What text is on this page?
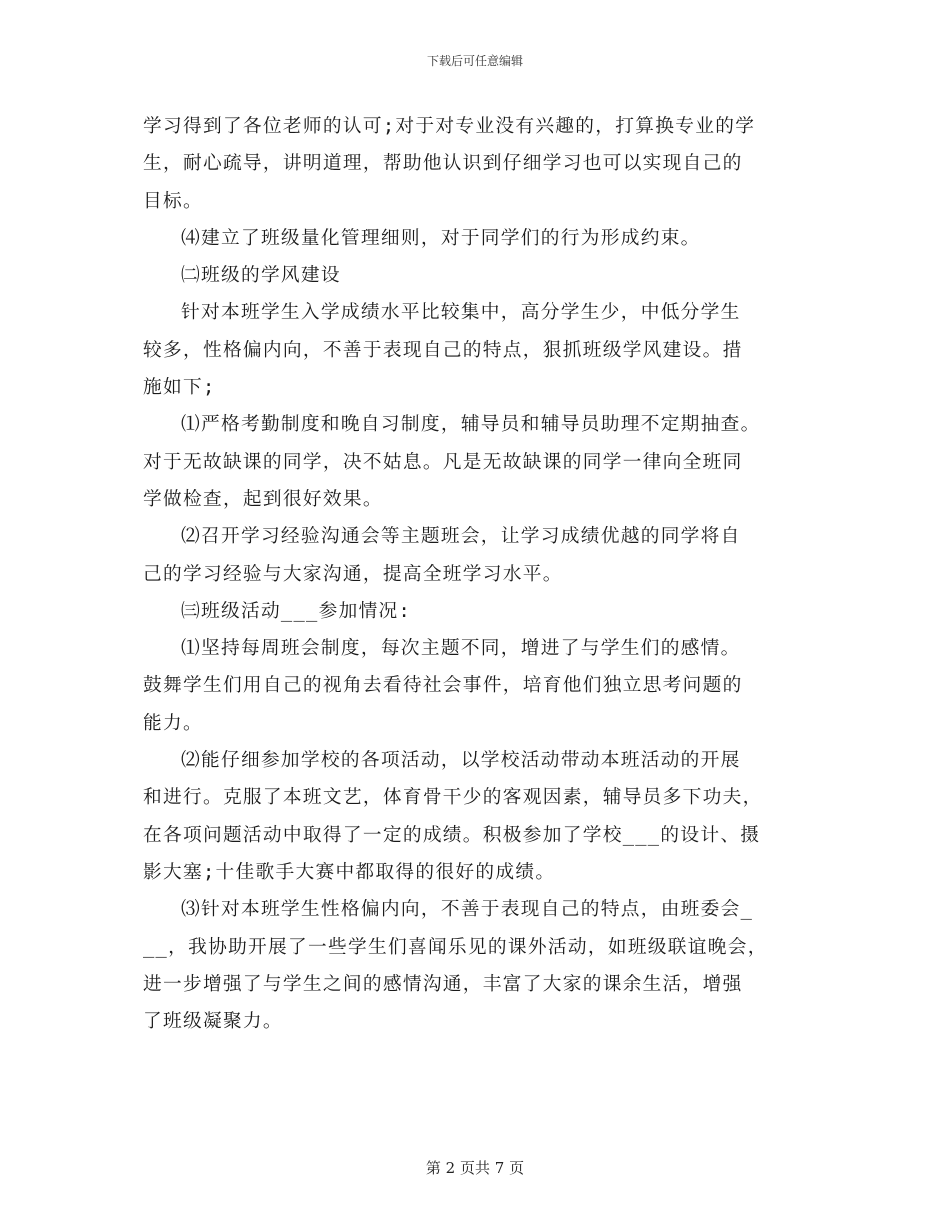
下载后可任意编辑
学习得到了各位老师的认可;对于对专业没有兴趣的，打算换专业的学
生，耐心疏导，讲明道理，帮助他认识到仔细学习也可以实现自己的
目标。
⑷建立了班级量化管理细则，对于同学们的行为形成约束。
㈡班级的学风建设
针对本班学生入学成绩水平比较集中，高分学生少，中低分学生
较多，性格偏内向，不善于表现自己的特点，狠抓班级学风建设。措
施如下;
⑴严格考勤制度和晚自习制度，辅导员和辅导员助理不定期抽查。
对于无故缺课的同学，决不姑息。凡是无故缺课的同学一律向全班同
学做检查，起到很好效果。
⑵召开学习经验沟通会等主题班会，让学习成绩优越的同学将自
己的学习经验与大家沟通，提高全班学习水平。
㈢班级活动___参加情况:
⑴坚持每周班会制度，每次主题不同，增进了与学生们的感情。
鼓舞学生们用自己的视角去看待社会事件，培育他们独立思考问题的
能力。
⑵能仔细参加学校的各项活动，以学校活动带动本班活动的开展
和进行。克服了本班文艺，体育骨干少的客观因素，辅导员多下功夫，
在各项问题活动中取得了一定的成绩。积极参加了学校___的设计、摄
影大塞;十佳歌手大赛中都取得的很好的成绩。
⑶针对本班学生性格偏内向，不善于表现自己的特点，由班委会_
__，我协助开展了一些学生们喜闻乐见的课外活动，如班级联谊晚会，
进一步增强了与学生之间的感情沟通，丰富了大家的课余生活，增强
了班级凝聚力。
第 2 页共 7 页
